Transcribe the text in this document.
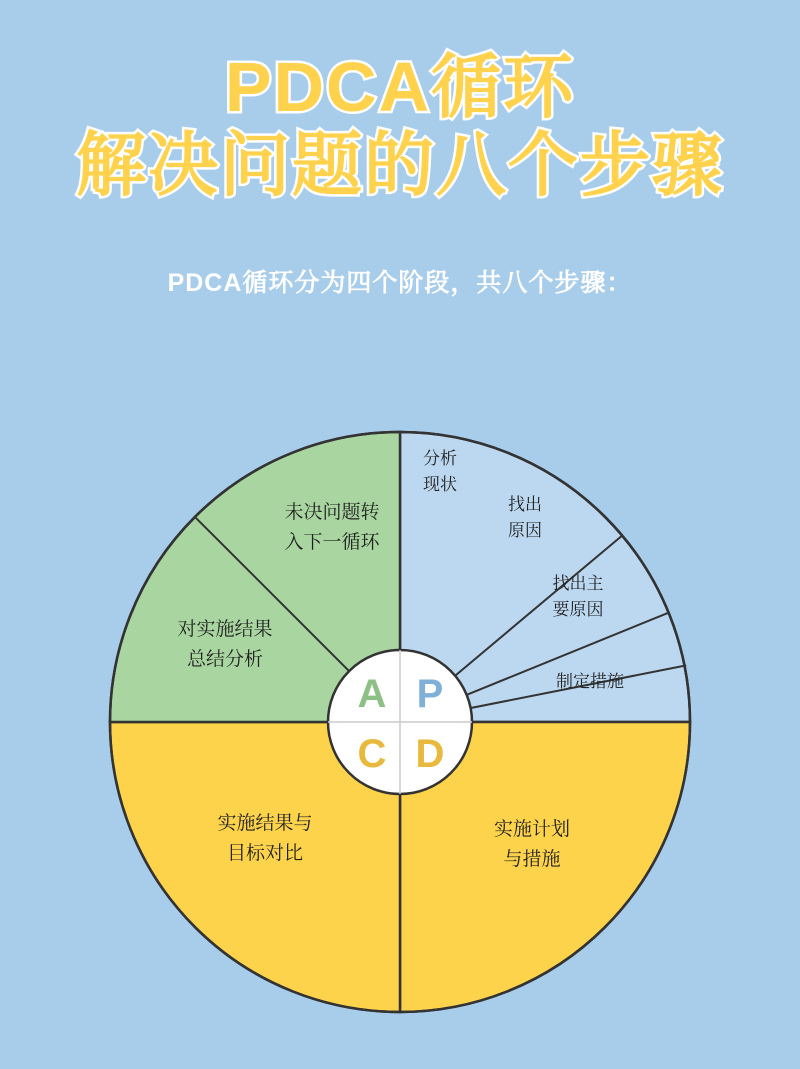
PDCA循环
解决问题的八个步骤
PDCA循环分为四个阶段，共八个步骤：
A P
C D
分析
现状
找出
原因
找出主
要原因
制定措施
实施计划
与措施
实施结果与
目标对比
对实施结果
总结分析
未决问题转
入下一循环
